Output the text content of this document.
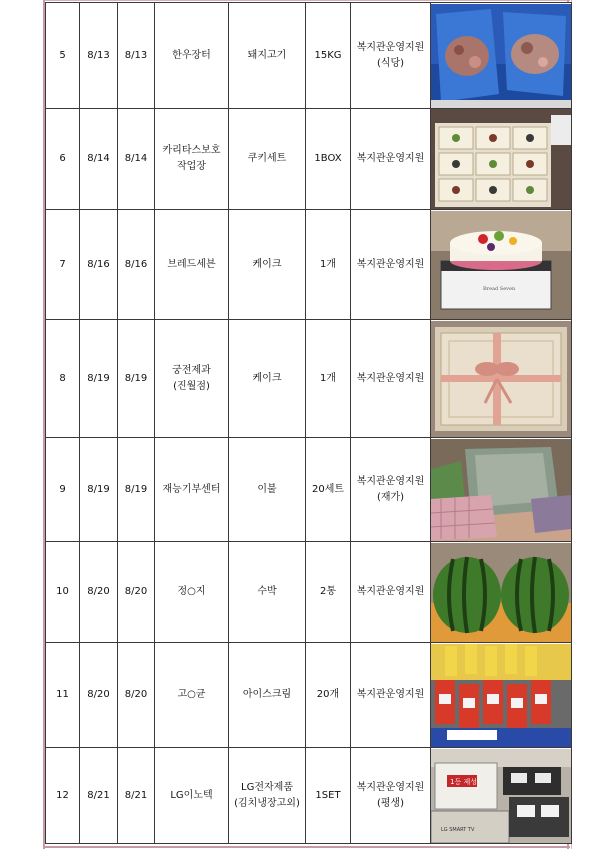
5	8/13	8/13	한우장터	돼지고기	15KG	복지관운영지원
(식당)	

6	8/14	8/14	카리타스보호
작업장	쿠키세트	1BOX	복지관운영지원	

7	8/16	8/16	브레드세븐	케이크	1개	복지관운영지원	Bread Seven

8	8/19	8/19	궁전제과
(진월점)	케이크	1개	복지관운영지원	

9	8/19	8/19	재능기부센터	이불	20세트	복지관운영지원
(재가)	

10	8/20	8/20	정○지	수박	2통	복지관운영지원	

11	8/20	8/20	고○균	아이스크림	20개	복지관운영지원	

12	8/21	8/21	LG이노텍	LG전자제품
(김치냉장고외)	1SET	복지관운영지원
(평생)	1등 제성
LG SMART TV
